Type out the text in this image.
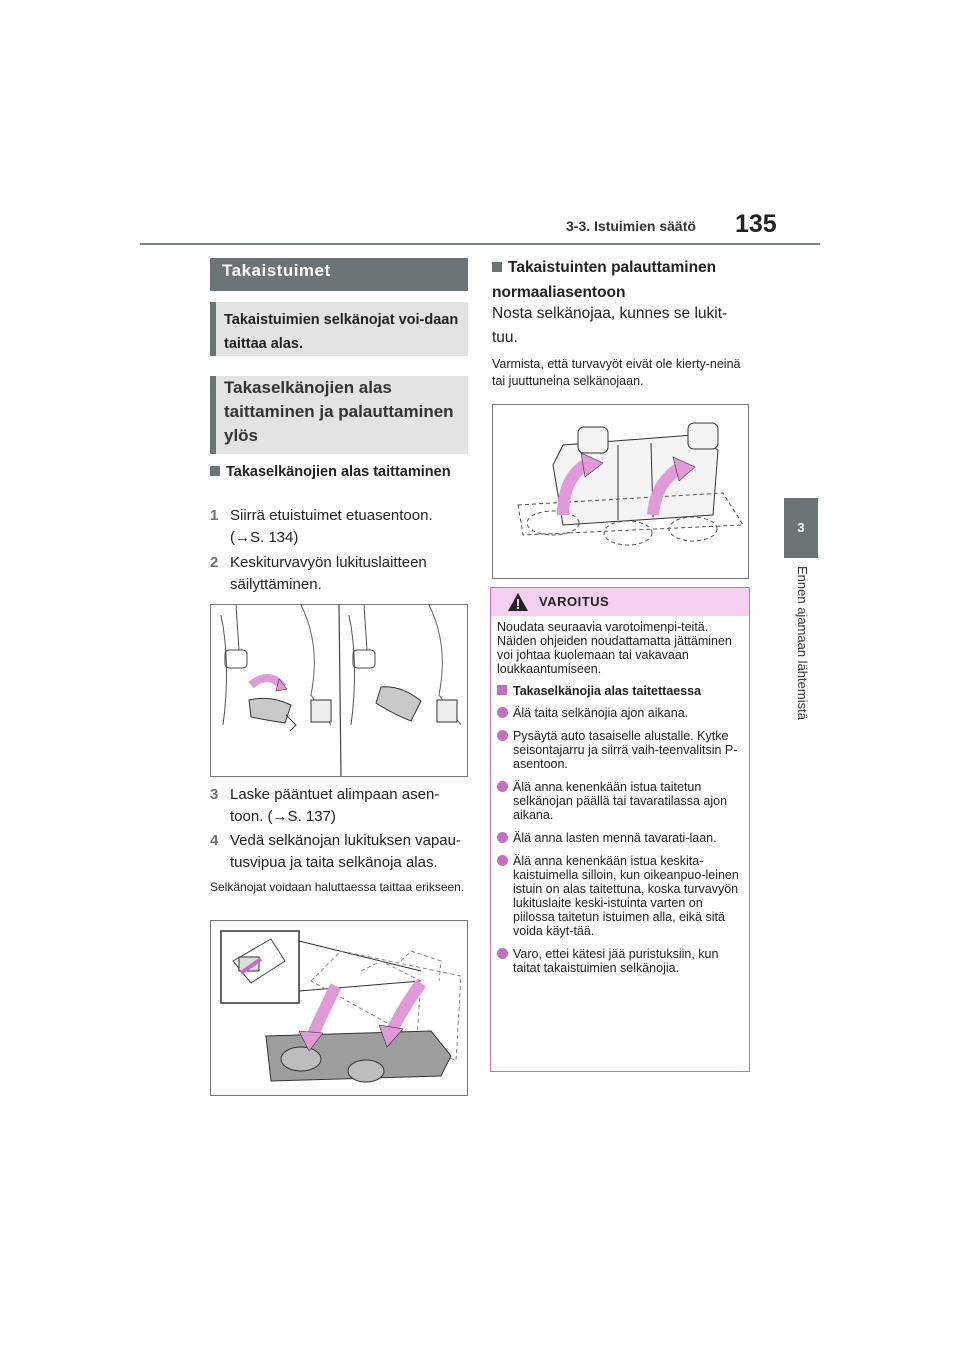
3-3. Istuimien säätö 135
3
Ennen ajamaan lähtemistä
Takaistuimet
Takaistuimien selkänojat voi-daan taittaa alas.
Takaselkänojien alas taittaminen ja palauttaminen ylös
Takaselkänojien alas taittaminen
1 Siirrä etuistuimet etuasentoon. (→S. 134)
2 Keskiturvavyön lukituslaitteen säilyttäminen.
3 Laske pääntuet alimpaan asen-toon. (→S. 137)
4 Vedä selkänojan lukituksen vapau-tusvipua ja taita selkänoja alas.
Selkänojat voidaan haluttaessa taittaa erikseen.
Takaistuinten palauttaminen normaaliasentoon
Nosta selkänojaa, kunnes se lukit-tuu.
Varmista, että turvavyöt eivät ole kierty-neinä tai juuttuneina selkänojaan.
VAROITUS

Noudata seuraavia varotoimenpi-teitä. Näiden ohjeiden noudattamatta jättäminen voi johtaa kuolemaan tai vakavaan loukkaantumiseen.

Takaselkänojia alas taitettaessa
Älä taita selkänojia ajon aikana.
Pysäytä auto tasaiselle alustalle. Kytke seisontajarru ja siirrä vaih-teenvalitsin P-asentoon.
Älä anna kenenkään istua taitetun selkänojan päällä tai tavaratilassa ajon aikana.
Älä anna lasten mennä tavarati-laan.
Älä anna kenenkään istua keskita-kaistuimella silloin, kun oikeanpuo-leinen istuin on alas taitettuna, koska turvavyön lukituslaite keski-istuinta varten on piilossa taitetun istuimen alla, eikä sitä voida käyt-tää.
Varo, ettei kätesi jää puristuksiin, kun taitat takaistuimien selkänojia.
